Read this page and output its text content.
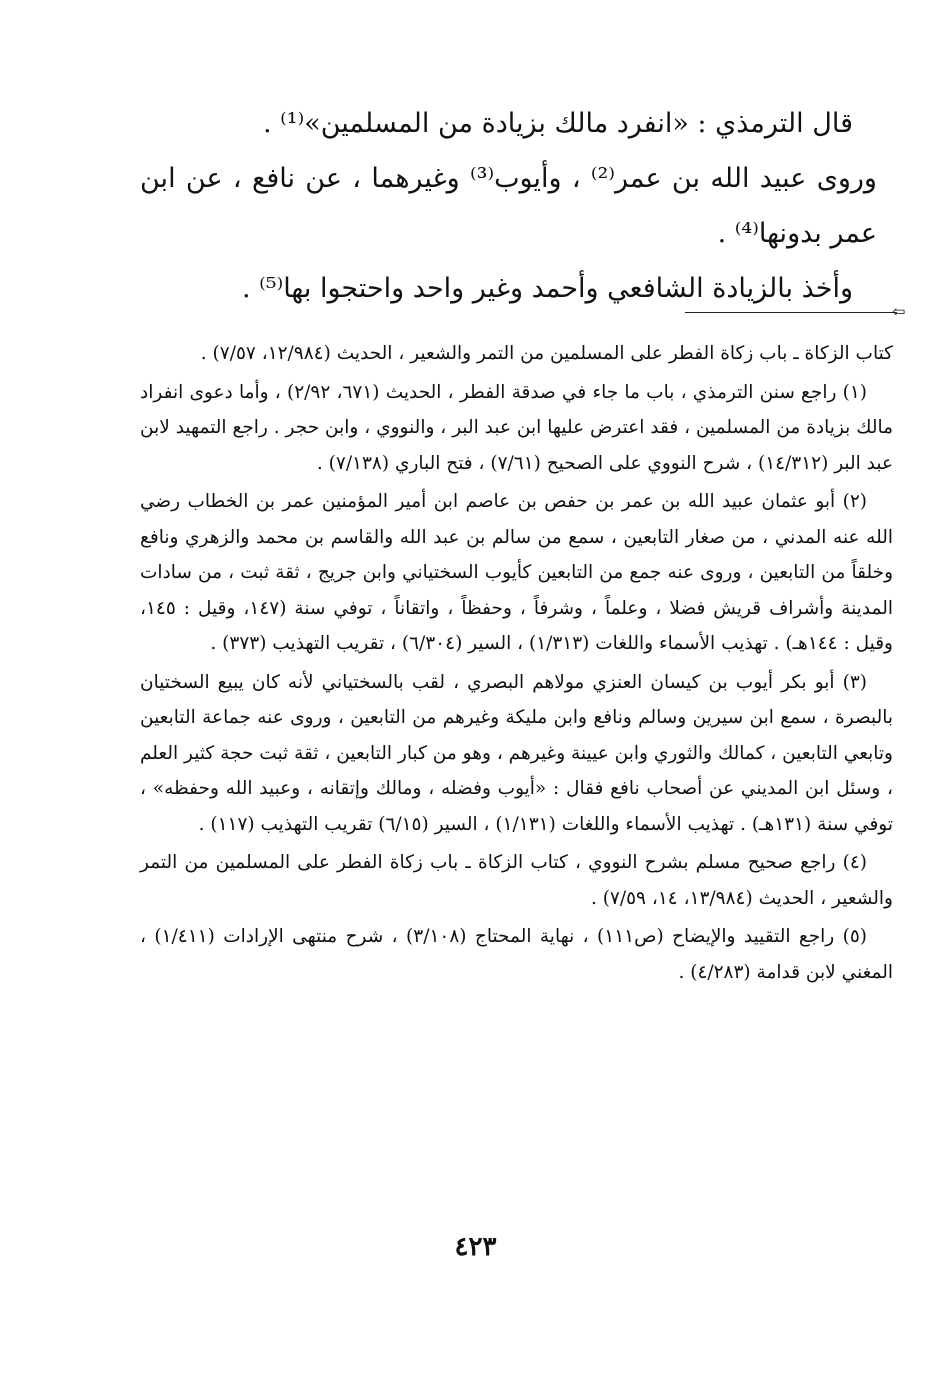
قال الترمذي : «انفرد مالك بزيادة من المسلمين»⁽¹⁾ .

وروى عبيد الله بن عمر⁽²⁾ ، وأيوب⁽³⁾ وغيرهما ، عن نافع ، عن ابن عمر بدونها⁽⁴⁾ .

وأخذ بالزيادة الشافعي وأحمد وغير واحد واحتجوا بها⁽⁵⁾ .

⇦

كتاب الزكاة ـ باب زكاة الفطر على المسلمين من التمر والشعير ، الحديث (١٢/٩٨٤، ٧/٥٧) .

(١) راجع سنن الترمذي ، باب ما جاء في صدقة الفطر ، الحديث (٦٧١، ٢/٩٢) ، وأما دعوى انفراد مالك بزيادة من المسلمين ، فقد اعترض عليها ابن عبد البر ، والنووي ، وابن حجر . راجع التمهيد لابن عبد البر (١٤/٣١٢) ، شرح النووي على الصحيح (٧/٦١) ، فتح الباري (٧/١٣٨) .

(٢) أبو عثمان عبيد الله بن عمر بن حفص بن عاصم ابن أمير المؤمنين عمر بن الخطاب رضي الله عنه المدني ، من صغار التابعين ، سمع من سالم بن عبد الله والقاسم بن محمد والزهري ونافع وخلقاً من التابعين ، وروى عنه جمع من التابعين كأيوب السختياني وابن جريج ، ثقة ثبت ، من سادات المدينة وأشراف قريش فضلا ، وعلماً ، وشرفاً ، وحفظاً ، واتقاناً ، توفي سنة (١٤٧، وقيل : ١٤٥، وقيل : ١٤٤هـ) . تهذيب الأسماء واللغات (١/٣١٣) ، السير (٦/٣٠٤) ، تقريب التهذيب (٣٧٣) .

(٣) أبو بكر أيوب بن كيسان العنزي مولاهم البصري ، لقب بالسختياني لأنه كان يبيع السختيان بالبصرة ، سمع ابن سيرين وسالم ونافع وابن مليكة وغيرهم من التابعين ، وروى عنه جماعة التابعين وتابعي التابعين ، كمالك والثوري وابن عيينة وغيرهم ، وهو من كبار التابعين ، ثقة ثبت حجة كثير العلم ، وسئل ابن المديني عن أصحاب نافع فقال : «أيوب وفضله ، ومالك وإتقانه ، وعبيد الله وحفظه» ، توفي سنة (١٣١هـ) . تهذيب الأسماء واللغات (١/١٣١) ، السير (٦/١٥) تقريب التهذيب (١١٧) .

(٤) راجع صحيح مسلم بشرح النووي ، كتاب الزكاة ـ باب زكاة الفطر على المسلمين من التمر والشعير ، الحديث (١٣/٩٨٤، ١٤، ٧/٥٩) .

(٥) راجع التقييد والإيضاح (ص١١١) ، نهاية المحتاج (٣/١٠٨) ، شرح منتهى الإرادات (١/٤١١) ، المغني لابن قدامة (٤/٢٨٣) .

٤٢٣
